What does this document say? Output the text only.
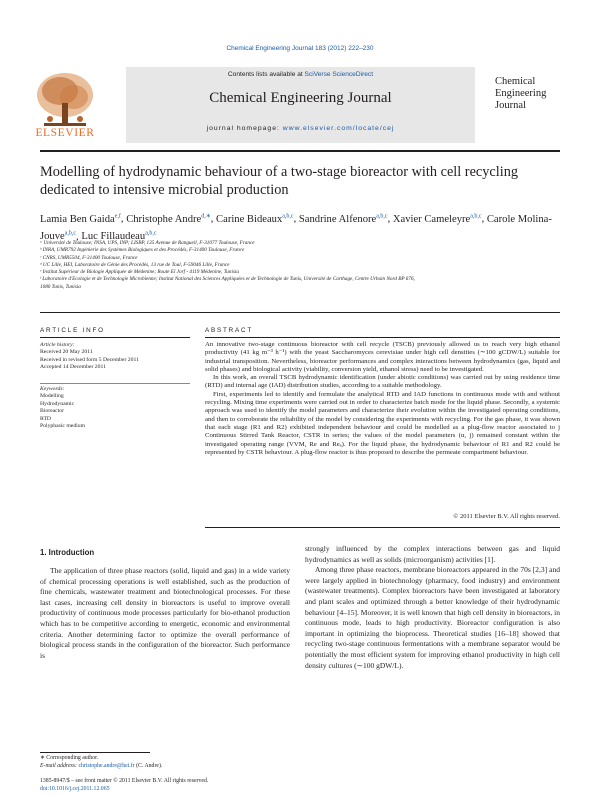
Chemical Engineering Journal 183 (2012) 222–230
Contents lists available at SciVerse ScienceDirect
Chemical Engineering Journal
journal homepage: www.elsevier.com/locate/cej
ELSEVIER
Chemical
Engineering
Journal
Modelling of hydrodynamic behaviour of a two-stage bioreactor with cell recycling dedicated to intensive microbial production
Lamia Ben Gaida$^{e,f}$, Christophe Andre$^{d,∗}$, Carine Bideaux$^{a,b,c}$, Sandrine Alfenore$^{a,b,c}$, Xavier Cameleyre$^{a,b,c}$, Carole Molina-Jouve$^{a,b,c}$, Luc Fillaudeau$^{a,b,c}$
ᵃ Université de Toulouse; INSA, UPS, INP; LISBP, 135 Avenue de Rangueil, F-31077 Toulouse, France
ᵇ INRA, UMR792 Ingénierie des Systèmes Biologiques et des Procédés, F-31400 Toulouse, France
ᶜ CNRS, UMR5504, F-31400 Toulouse, France
ᵈ UC Lille, HEI, Laboratoire de Génie des Procédés, 13 rue de Toul, F-59046 Lille, France
ᵉ Institut Supérieur de Biologie Appliquée de Médenine; Route El Jorf - 4119 Médenine, Tunisia
ᶠ Laboratoire d'Ecologie et de Technologie Microbienne; Institut National des Sciences Appliquées et de Technologie de Tunis, Université de Carthage, Centre Urbain Nord BP 676,
1080 Tunis, Tunisia
ARTICLE INFO	ABSTRACT
Article history:
Received 20 May 2011
Received in revised form 5 December 2011
Accepted 14 December 2011
Keywords:
Modelling
Hydrodynamic
Bioreactor
RTD
Polyphasic medium

An innovative two-stage continuous bioreactor with cell recycle (TSCB) previously allowed us to reach very high ethanol productivity (41 kg m⁻³ h⁻¹) with the yeast Saccharomyces cerevisiae under high cell densities (∼100 gCDW/L) suitable for industrial transposition. Nevertheless, bioreactor performances and complex interactions between hydrodynamics (gas, liquid and solid phases) and biological activity (viability, conversion yield, ethanol stress) need to be investigated.

In this work, an overall TSCB hydrodynamic identification (under abiotic conditions) was carried out by using residence time (RTD) and internal age (IAD) distribution studies, according to a suitable methodology.

First, experiments led to identify and formulate the analytical RTD and IAD functions in continuous mode with and without recycling. Mixing time experiments were carried out in order to characterize batch mode for the liquid phase. Secondly, a systemic approach was used to identify the model parameters and characterize their evolution within the investigated operating conditions, and then to corroborate the reliability of the model by considering the experiments with recycling. For the gas phase, it was shown that each stage (R1 and R2) exhibited independent behaviour and could be modelled as a plug-flow reactor associated to j Continuous Stirred Tank Reactor, CSTR in series; the values of the model parameters (α, j) remained constant within the investigated operating range (VVM, Re and Reₐ). For the liquid phase, the hydrodynamic behaviour of R1 and R2 could be represented by CSTR behaviour. A plug-flow reactor is thus proposed to describe the permeate compartment behaviour.

© 2011 Elsevier B.V. All rights reserved.
1. Introduction

The application of three phase reactors (solid, liquid and gas) in a wide variety of chemical processing operations is well established, such as the production of fine chemicals, wastewater treatment and biotechnological processes. For these last cases, increasing cell density in bioreactors is useful to improve overall productivity of continuous mode processes particularly for bio-ethanol production which has to be competitive according to energetic, economic and environmental criteria. Another determining factor to optimize the overall performance of biological process stands in the configuration of the bioreactor. Such performance is

strongly influenced by the complex interactions between gas and liquid hydrodynamics as well as solids (microorganism) activities [1].

Among three phase reactors, membrane bioreactors appeared in the 70s [2,3] and were largely applied in biotechnology (pharmacy, food industry) and environment (wastewater treatments). Complex bioreactors have been investigated at laboratory and plant scales and optimized through a better knowledge of their hydrodynamic behaviour [4–15]. Moreover, it is well known that high cell density in bioreactors, in continuous mode, leads to high productivity. Bioreactor configuration is also important in optimizing the bioprocess. Theoretical studies [16–18] showed that recycling two-stage continuous fermentations with a membrane separator would be potentially the most efficient system for improving ethanol productivity in high cell density cultures (∼100 gDW/L).

∗ Corresponding author.
E-mail address: christophe.andre@hei.fr (C. Andre).
1385-8947/$ – see front matter © 2011 Elsevier B.V. All rights reserved.
doi:10.1016/j.cej.2011.12.065
